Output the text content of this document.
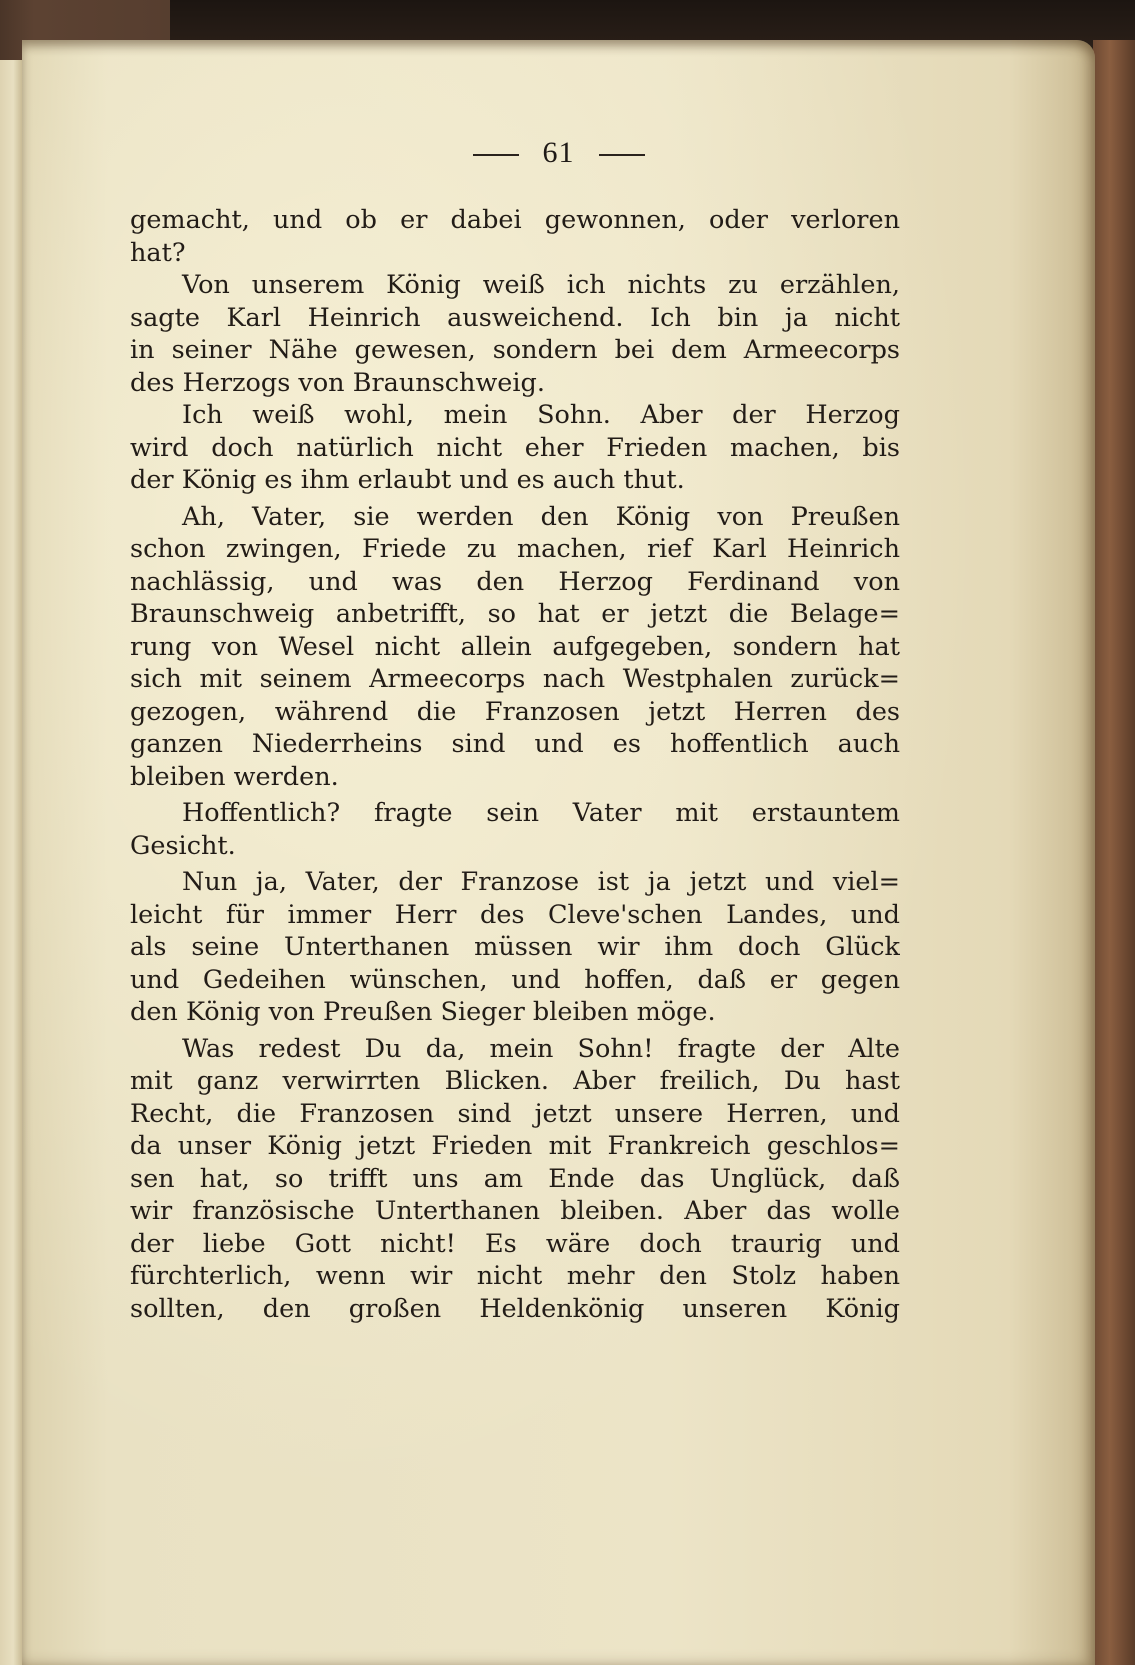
61
gemacht, und ob er dabei gewonnen, oder verloren
hat?
Von unserem König weiß ich nichts zu erzählen,
sagte Karl Heinrich ausweichend. Ich bin ja nicht
in seiner Nähe gewesen, sondern bei dem Armeecorps
des Herzogs von Braunschweig.
Ich weiß wohl, mein Sohn. Aber der Herzog
wird doch natürlich nicht eher Frieden machen, bis
der König es ihm erlaubt und es auch thut.
Ah, Vater, sie werden den König von Preußen
schon zwingen, Friede zu machen, rief Karl Heinrich
nachlässig, und was den Herzog Ferdinand von
Braunschweig anbetrifft, so hat er jetzt die Belage=
rung von Wesel nicht allein aufgegeben, sondern hat
sich mit seinem Armeecorps nach Westphalen zurück=
gezogen, während die Franzosen jetzt Herren des
ganzen Niederrheins sind und es hoffentlich auch
bleiben werden.
Hoffentlich? fragte sein Vater mit erstauntem
Gesicht.
Nun ja, Vater, der Franzose ist ja jetzt und viel=
leicht für immer Herr des Cleve'schen Landes, und
als seine Unterthanen müssen wir ihm doch Glück
und Gedeihen wünschen, und hoffen, daß er gegen
den König von Preußen Sieger bleiben möge.
Was redest Du da, mein Sohn! fragte der Alte
mit ganz verwirrten Blicken. Aber freilich, Du hast
Recht, die Franzosen sind jetzt unsere Herren, und
da unser König jetzt Frieden mit Frankreich geschlos=
sen hat, so trifft uns am Ende das Unglück, daß
wir französische Unterthanen bleiben. Aber das wolle
der liebe Gott nicht! Es wäre doch traurig und
fürchterlich, wenn wir nicht mehr den Stolz haben
sollten, den großen Heldenkönig unseren König
